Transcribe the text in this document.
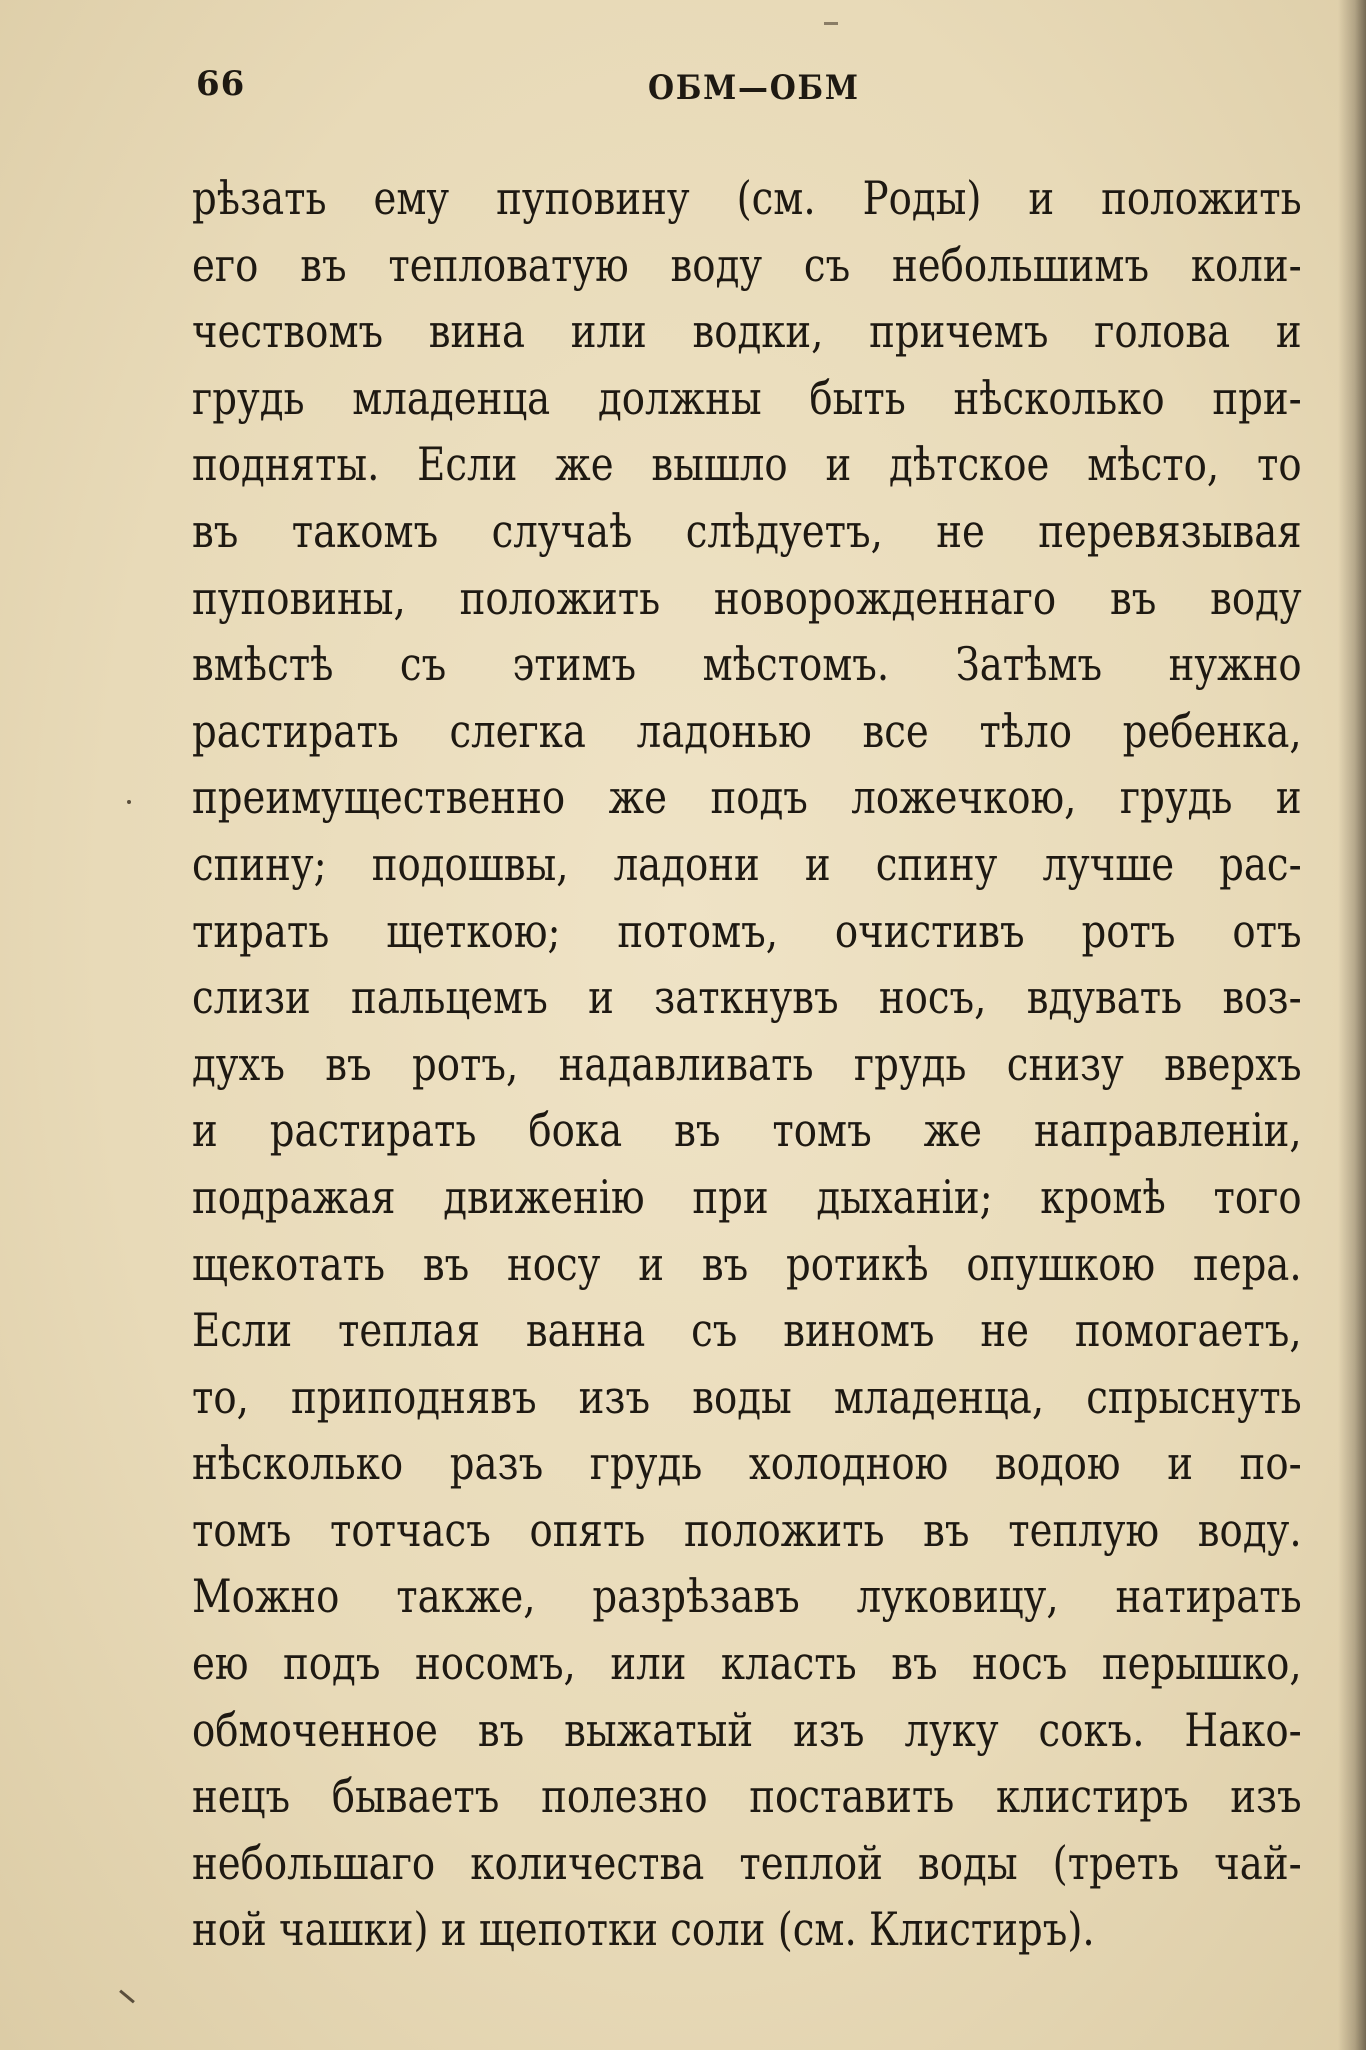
66	ОБМ—ОБМ
рѣзать ему пуповину (см. Роды) и положить
его въ тепловатую воду съ небольшимъ коли-
чествомъ вина или водки, причемъ голова и
грудь младенца должны быть нѣсколько при-
подняты. Если же вышло и дѣтское мѣсто, то
въ такомъ случаѣ слѣдуетъ, не перевязывая
пуповины, положить новорожденнаго въ воду
вмѣстѣ съ этимъ мѣстомъ. Затѣмъ нужно
растирать слегка ладонью все тѣло ребенка,
преимущественно же подъ ложечкою, грудь и
спину; подошвы, ладони и спину лучше рас-
тирать щеткою; потомъ, очистивъ ротъ отъ
слизи пальцемъ и заткнувъ носъ, вдувать воз-
духъ въ ротъ, надавливать грудь снизу вверхъ
и растирать бока въ томъ же направленіи,
подражая движенію при дыханіи; кромѣ того
щекотать въ носу и въ ротикѣ опушкою пера.
Если теплая ванна съ виномъ не помогаетъ,
то, приподнявъ изъ воды младенца, спрыснуть
нѣсколько разъ грудь холодною водою и по-
томъ тотчасъ опять положить въ теплую воду.
Можно также, разрѣзавъ луковицу, натирать
ею подъ носомъ, или класть въ носъ перышко,
обмоченное въ выжатый изъ луку сокъ. Нако-
нецъ бываетъ полезно поставить клистиръ изъ
небольшаго количества теплой воды (треть чай-
ной чашки) и щепотки соли (см. Клистиръ).
